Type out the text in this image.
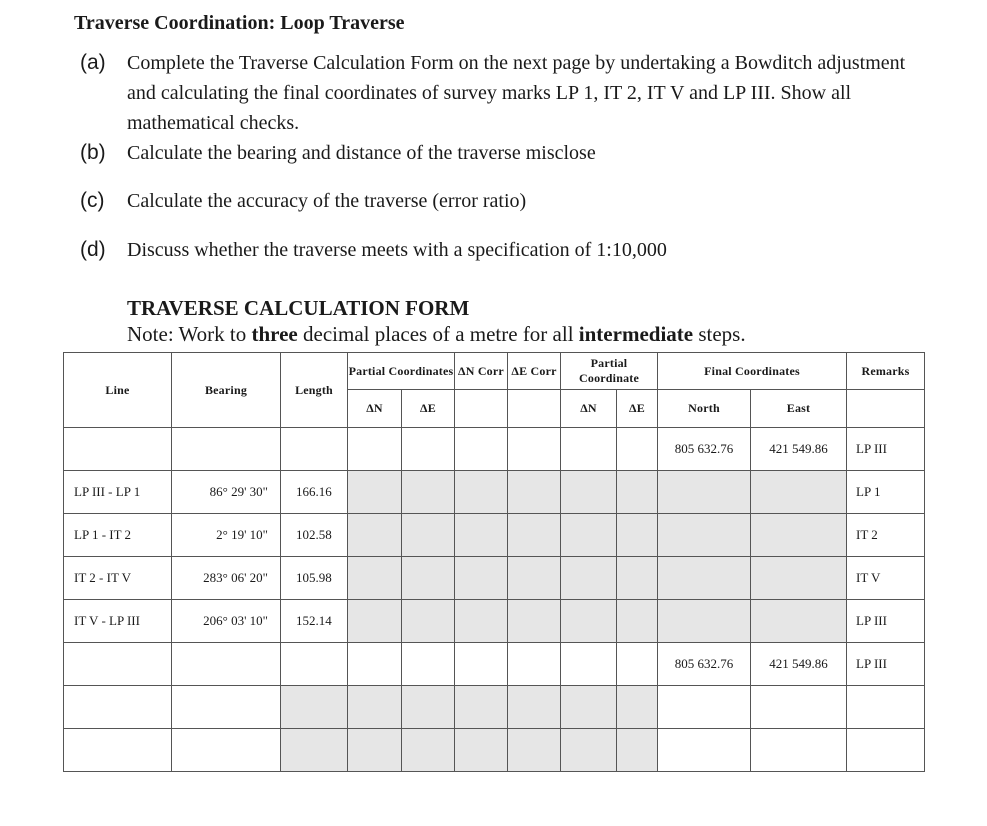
Traverse Coordination: Loop Traverse
(a) Complete the Traverse Calculation Form on the next page by undertaking a Bowditch adjustment and calculating the final coordinates of survey marks LP 1, IT 2, IT V and LP III. Show all mathematical checks.
(b) Calculate the bearing and distance of the traverse misclose
(c) Calculate the accuracy of the traverse (error ratio)
(d) Discuss whether the traverse meets with a specification of 1:10,000
TRAVERSE CALCULATION FORM
Note: Work to three decimal places of a metre for all intermediate steps.
Line	Bearing	Length	Partial Coordinates		ΔN Corr	ΔE Corr	Partial Coordinate		Final Coordinates		Remarks
			ΔN	ΔE			ΔN	ΔE	North	East	
									805 632.76	421 549.86	LP III
LP III - LP 1	86° 29' 30"	166.16									LP 1
LP 1 - IT 2	2° 19' 10"	102.58									IT 2
IT 2 - IT V	283° 06' 20"	105.98									IT V
IT V - LP III	206° 03' 10"	152.14									LP III
									805 632.76	421 549.86	LP III
